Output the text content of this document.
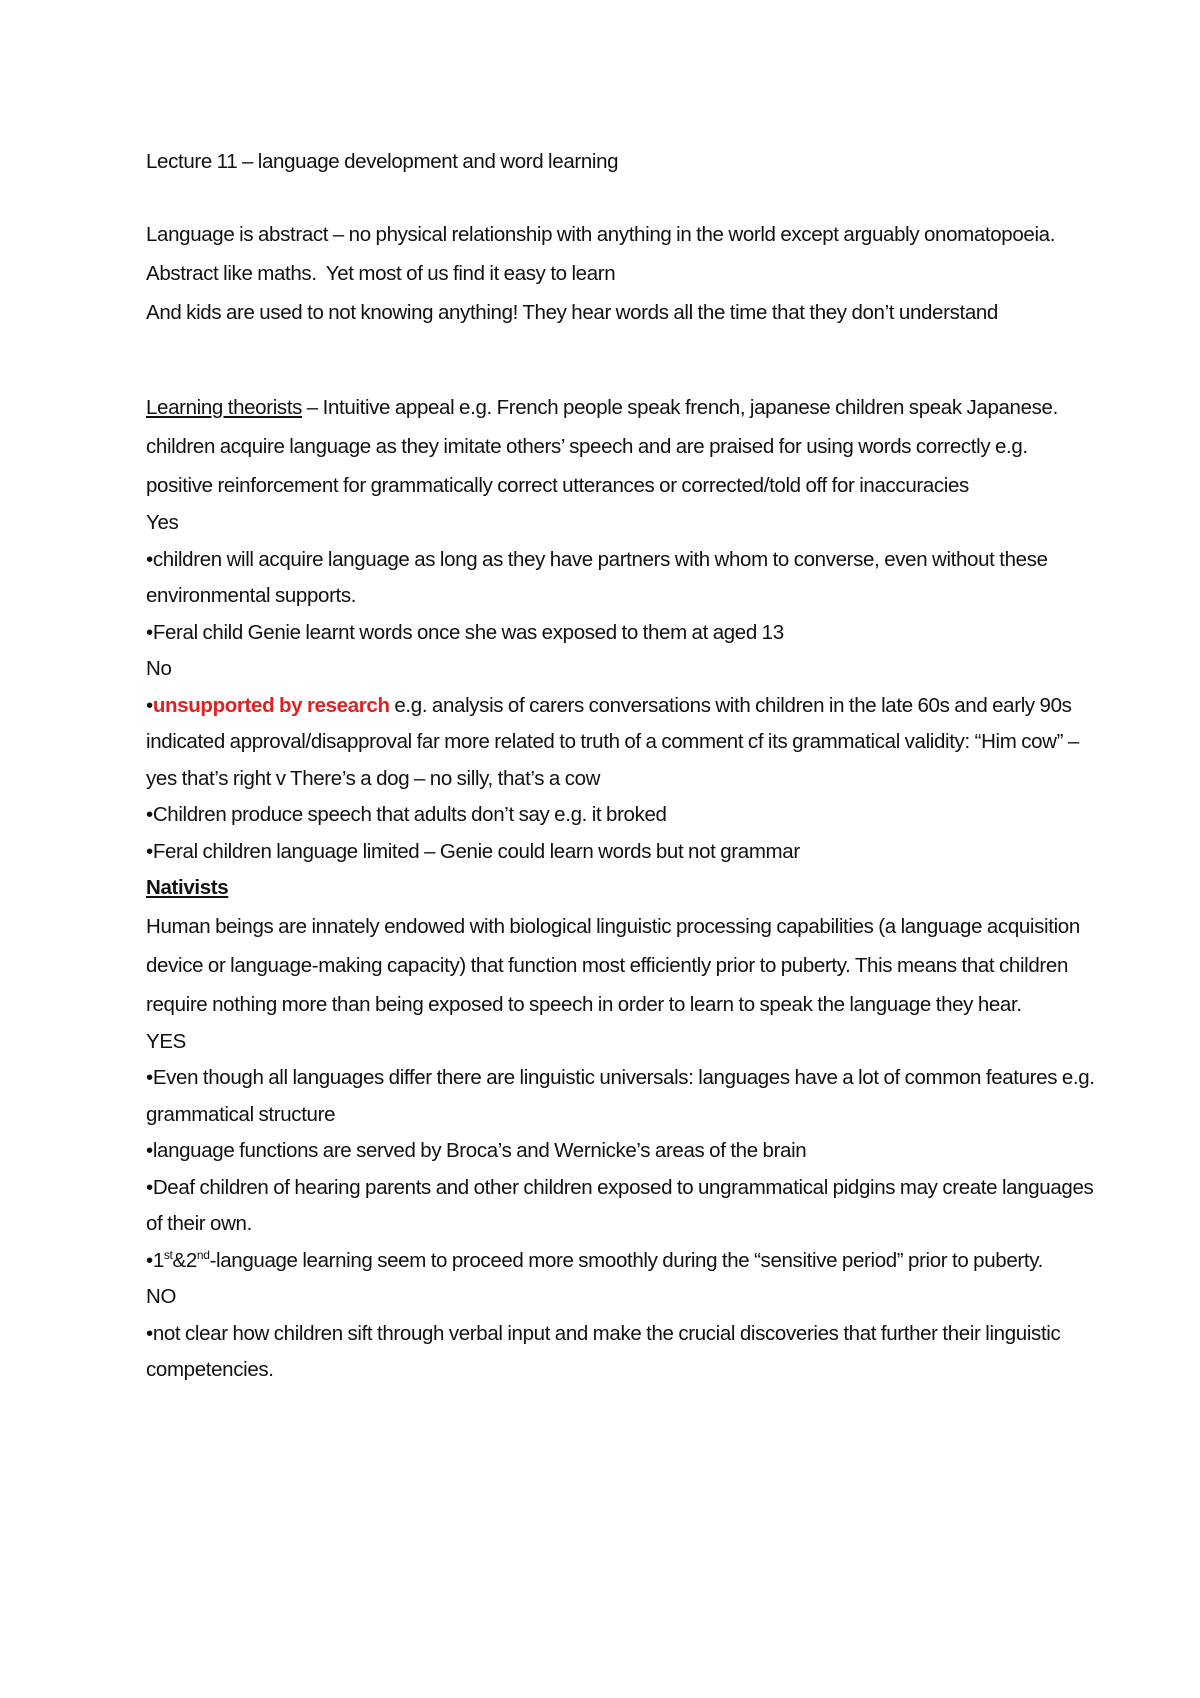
Lecture 11 – language development and word learning

Language is abstract – no physical relationship with anything in the world except arguably onomatopoeia.  Abstract like maths.  Yet most of us find it easy to learn

And kids are used to not knowing anything! They hear words all the time that they don’t understand

Learning theorists – Intuitive appeal e.g. French people speak french, japanese children speak Japanese. children acquire language as they imitate others’ speech and are praised for using words correctly e.g. positive reinforcement for grammatically correct utterances or corrected/told off for inaccuracies

Yes

•children will acquire language as long as they have partners with whom to converse, even without these environmental supports.

•Feral child Genie learnt words once she was exposed to them at aged 13

No

•unsupported by research e.g. analysis of carers conversations with children in the late 60s and early 90s indicated approval/disapproval far more related to truth of a comment cf its grammatical validity: “Him cow” – yes that’s right v There’s a dog – no silly, that’s a cow

•Children produce speech that adults don’t say e.g. it broked

•Feral children language limited – Genie could learn words but not grammar

Nativists

Human beings are innately endowed with biological linguistic processing capabilities (a language acquisition device or language-making capacity) that function most efficiently prior to puberty. This means that children require nothing more than being exposed to speech in order to learn to speak the language they hear.

YES

•Even though all languages differ there are linguistic universals: languages have a lot of common features e.g. grammatical structure

•language functions are served by Broca’s and Wernicke’s areas of the brain

•Deaf children of hearing parents and other children exposed to ungrammatical pidgins may create languages of their own.

•1st&2nd-language learning seem to proceed more smoothly during the “sensitive period” prior to puberty.

NO

•not clear how children sift through verbal input and make the crucial discoveries that further their linguistic competencies.
